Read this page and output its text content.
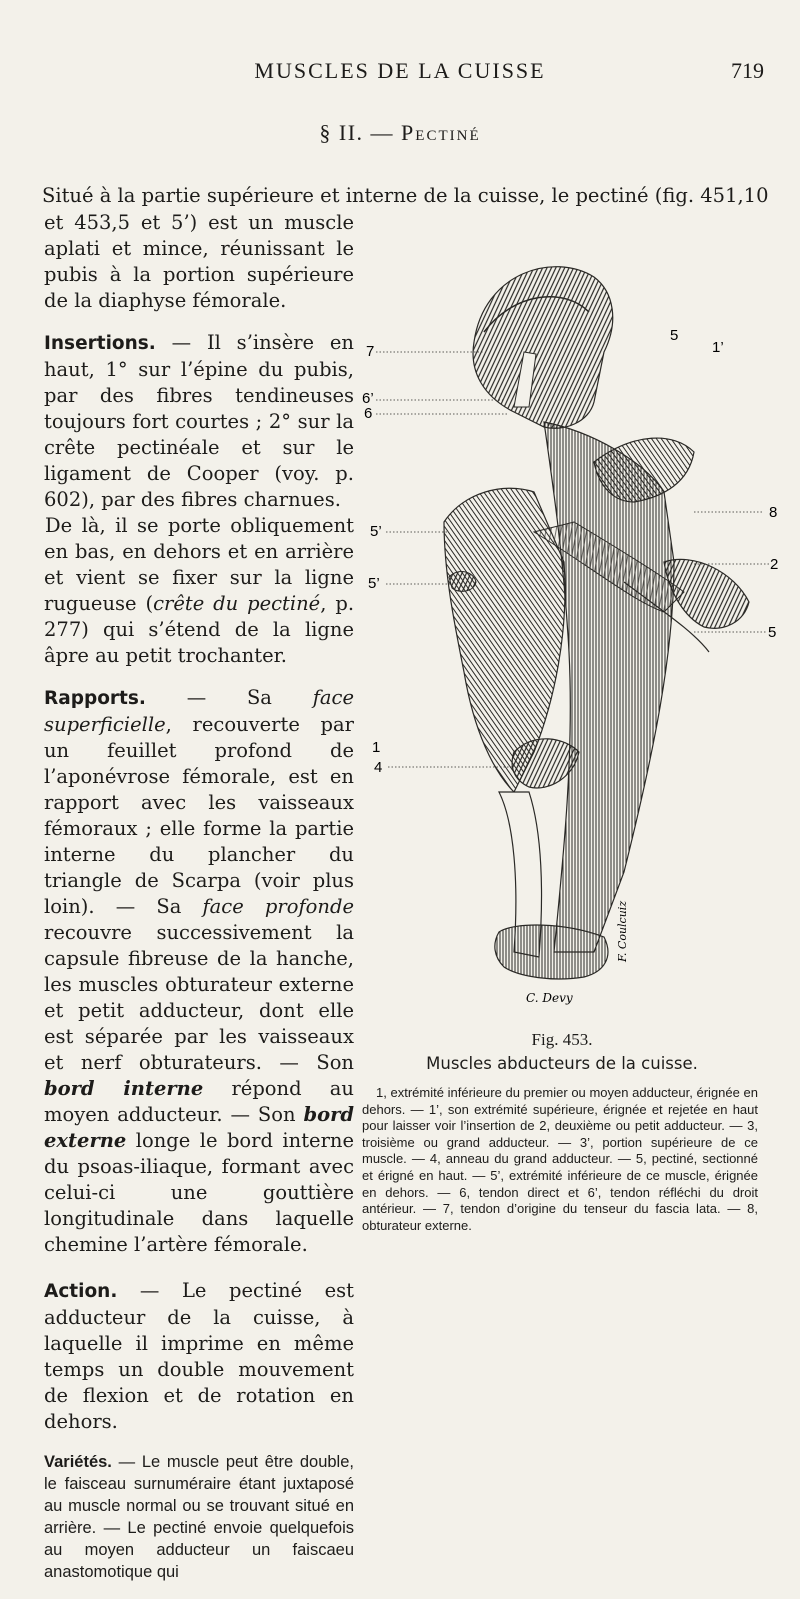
MUSCLES DE LA CUISSE	719
§ II. — Pectiné
Situé à la partie supérieure et interne de la cuisse, le pectiné (fig. 451,10

et 453,5 et 5’) est un muscle aplati et mince, réunissant le pubis à la portion supérieure de la diaphyse fémorale.

Insertions. — Il s’insère en haut, 1° sur l’épine du pubis, par des fibres tendineuses toujours fort courtes ; 2° sur la crête pectinéale et sur le ligament de Cooper (voy. p. 602), par des fibres charnues.
De là, il se porte obliquement en bas, en dehors et en arrière et vient se fixer sur la ligne rugueuse (crête du pectiné, p. 277) qui s’étend de la ligne âpre au petit trochanter.

Rapports. — Sa face superficielle, recouverte par un feuillet profond de l’aponévrose fémorale, est en rapport avec les vaisseaux fémoraux ; elle forme la partie interne du plancher du triangle de Scarpa (voir plus loin). — Sa face profonde recouvre successivement la capsule fibreuse de la hanche, les muscles obturateur externe et petit adducteur, dont elle est séparée par les vaisseaux et nerf obturateurs. — Son bord interne répond au moyen adducteur. — Son bord externe longe le bord interne du psoas-iliaque, formant avec celui-ci une gouttière longitudinale dans laquelle chemine l’artère fémorale.

Action. — Le pectiné est adducteur de la cuisse, à laquelle il imprime en même temps un double mouvement de flexion et de rotation en dehors.

Variétés. — Le muscle peut être double, le faisceau surnuméraire étant juxtaposé au muscle normal ou se trouvant situé en arrière. — Le pectiné envoie quelquefois au moyen adducteur un faiscaeu anastomotique qui

7
6’
6
5’
5’
5
1’
8
2
5
1
4
F. Coulcuiz
C. Devy
Fig. 453.
Muscles abducteurs de la cuisse.
1, extrémité inférieure du premier ou moyen adducteur, érignée en dehors. — 1’, son extrémité supérieure, érignée et rejetée en haut pour laisser voir l’insertion de 2, deuxième ou petit adducteur. — 3, troisième ou grand adducteur. — 3’, portion supérieure de ce muscle. — 4, anneau du grand adducteur. — 5, pectiné, sectionné et érigné en haut. — 5’, extrémité inférieure de ce muscle, érignée en dehors. — 6, tendon direct et 6’, tendon réfléchi du droit antérieur. — 7, tendon d’origine du tenseur du fascia lata. — 8, obturateur externe.
